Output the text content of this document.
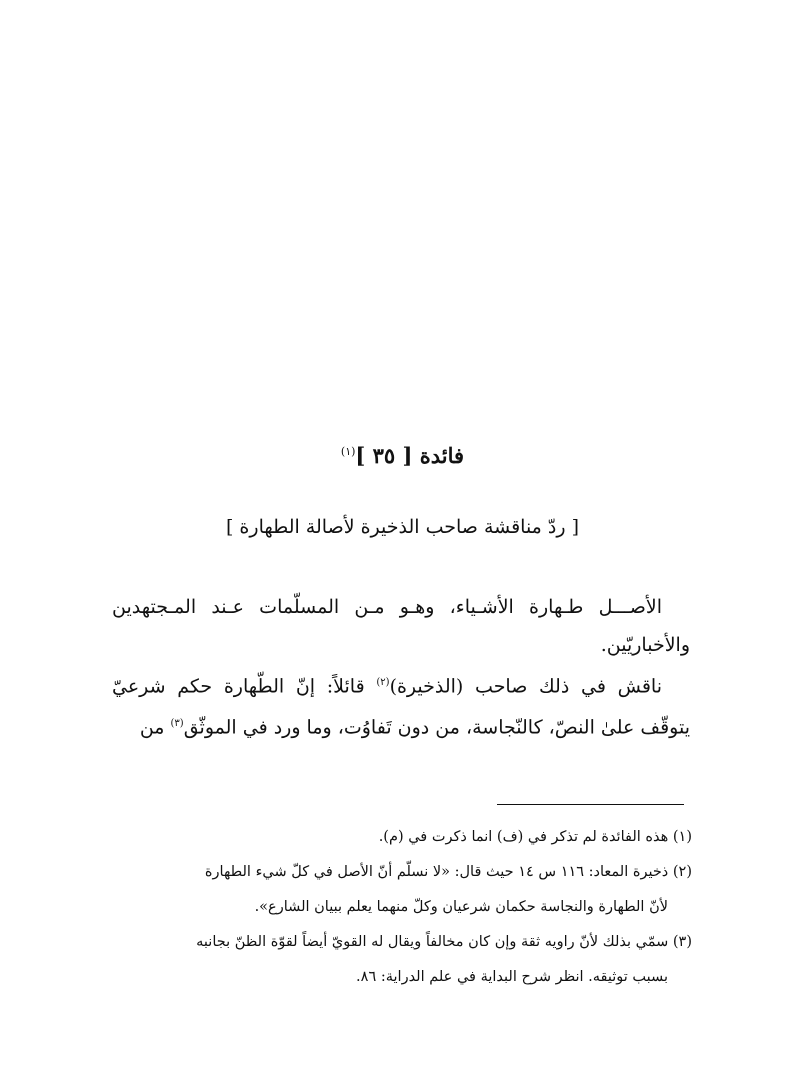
فائدة [ ٣٥ ]$^{(١)}$
[ ردّ مناقشة صاحب الذخيرة لأصالة الطهارة ]

الأصـــل طـهارة الأشـياء، وهـو مـن المسلّمات عـند المـجتهدين والأخباريّين.

ناقش في ذلك صاحب (الذخيرة)$^{(٢)}$ قائلاً: إنّ الطّهارة حكم شرعيّ يتوقّف علىٰ النصّ، كالنّجاسة، من دون تَفاوُت، وما ورد في الموثّق$^{(٣)}$ من

(١) هذه الفائدة لم تذكر في (ف) انما ذكرت في (م).

(٢) ذخيرة المعاد: ١١٦ س ١٤ حيث قال: «لا نسلّم أنّ الأصل في كلّ شيء الطهارة
لأنّ الطهارة والنجاسة حكمان شرعيان وكلّ منهما يعلم ببيان الشارع».

(٣) سمّي بذلك لأنّ راويه ثقة وإن كان مخالفاً ويقال له القويّ أيضاً لقوّة الظنّ بجانبه
بسبب توثيقه. انظر شرح البداية في علم الدراية: ٨٦.
